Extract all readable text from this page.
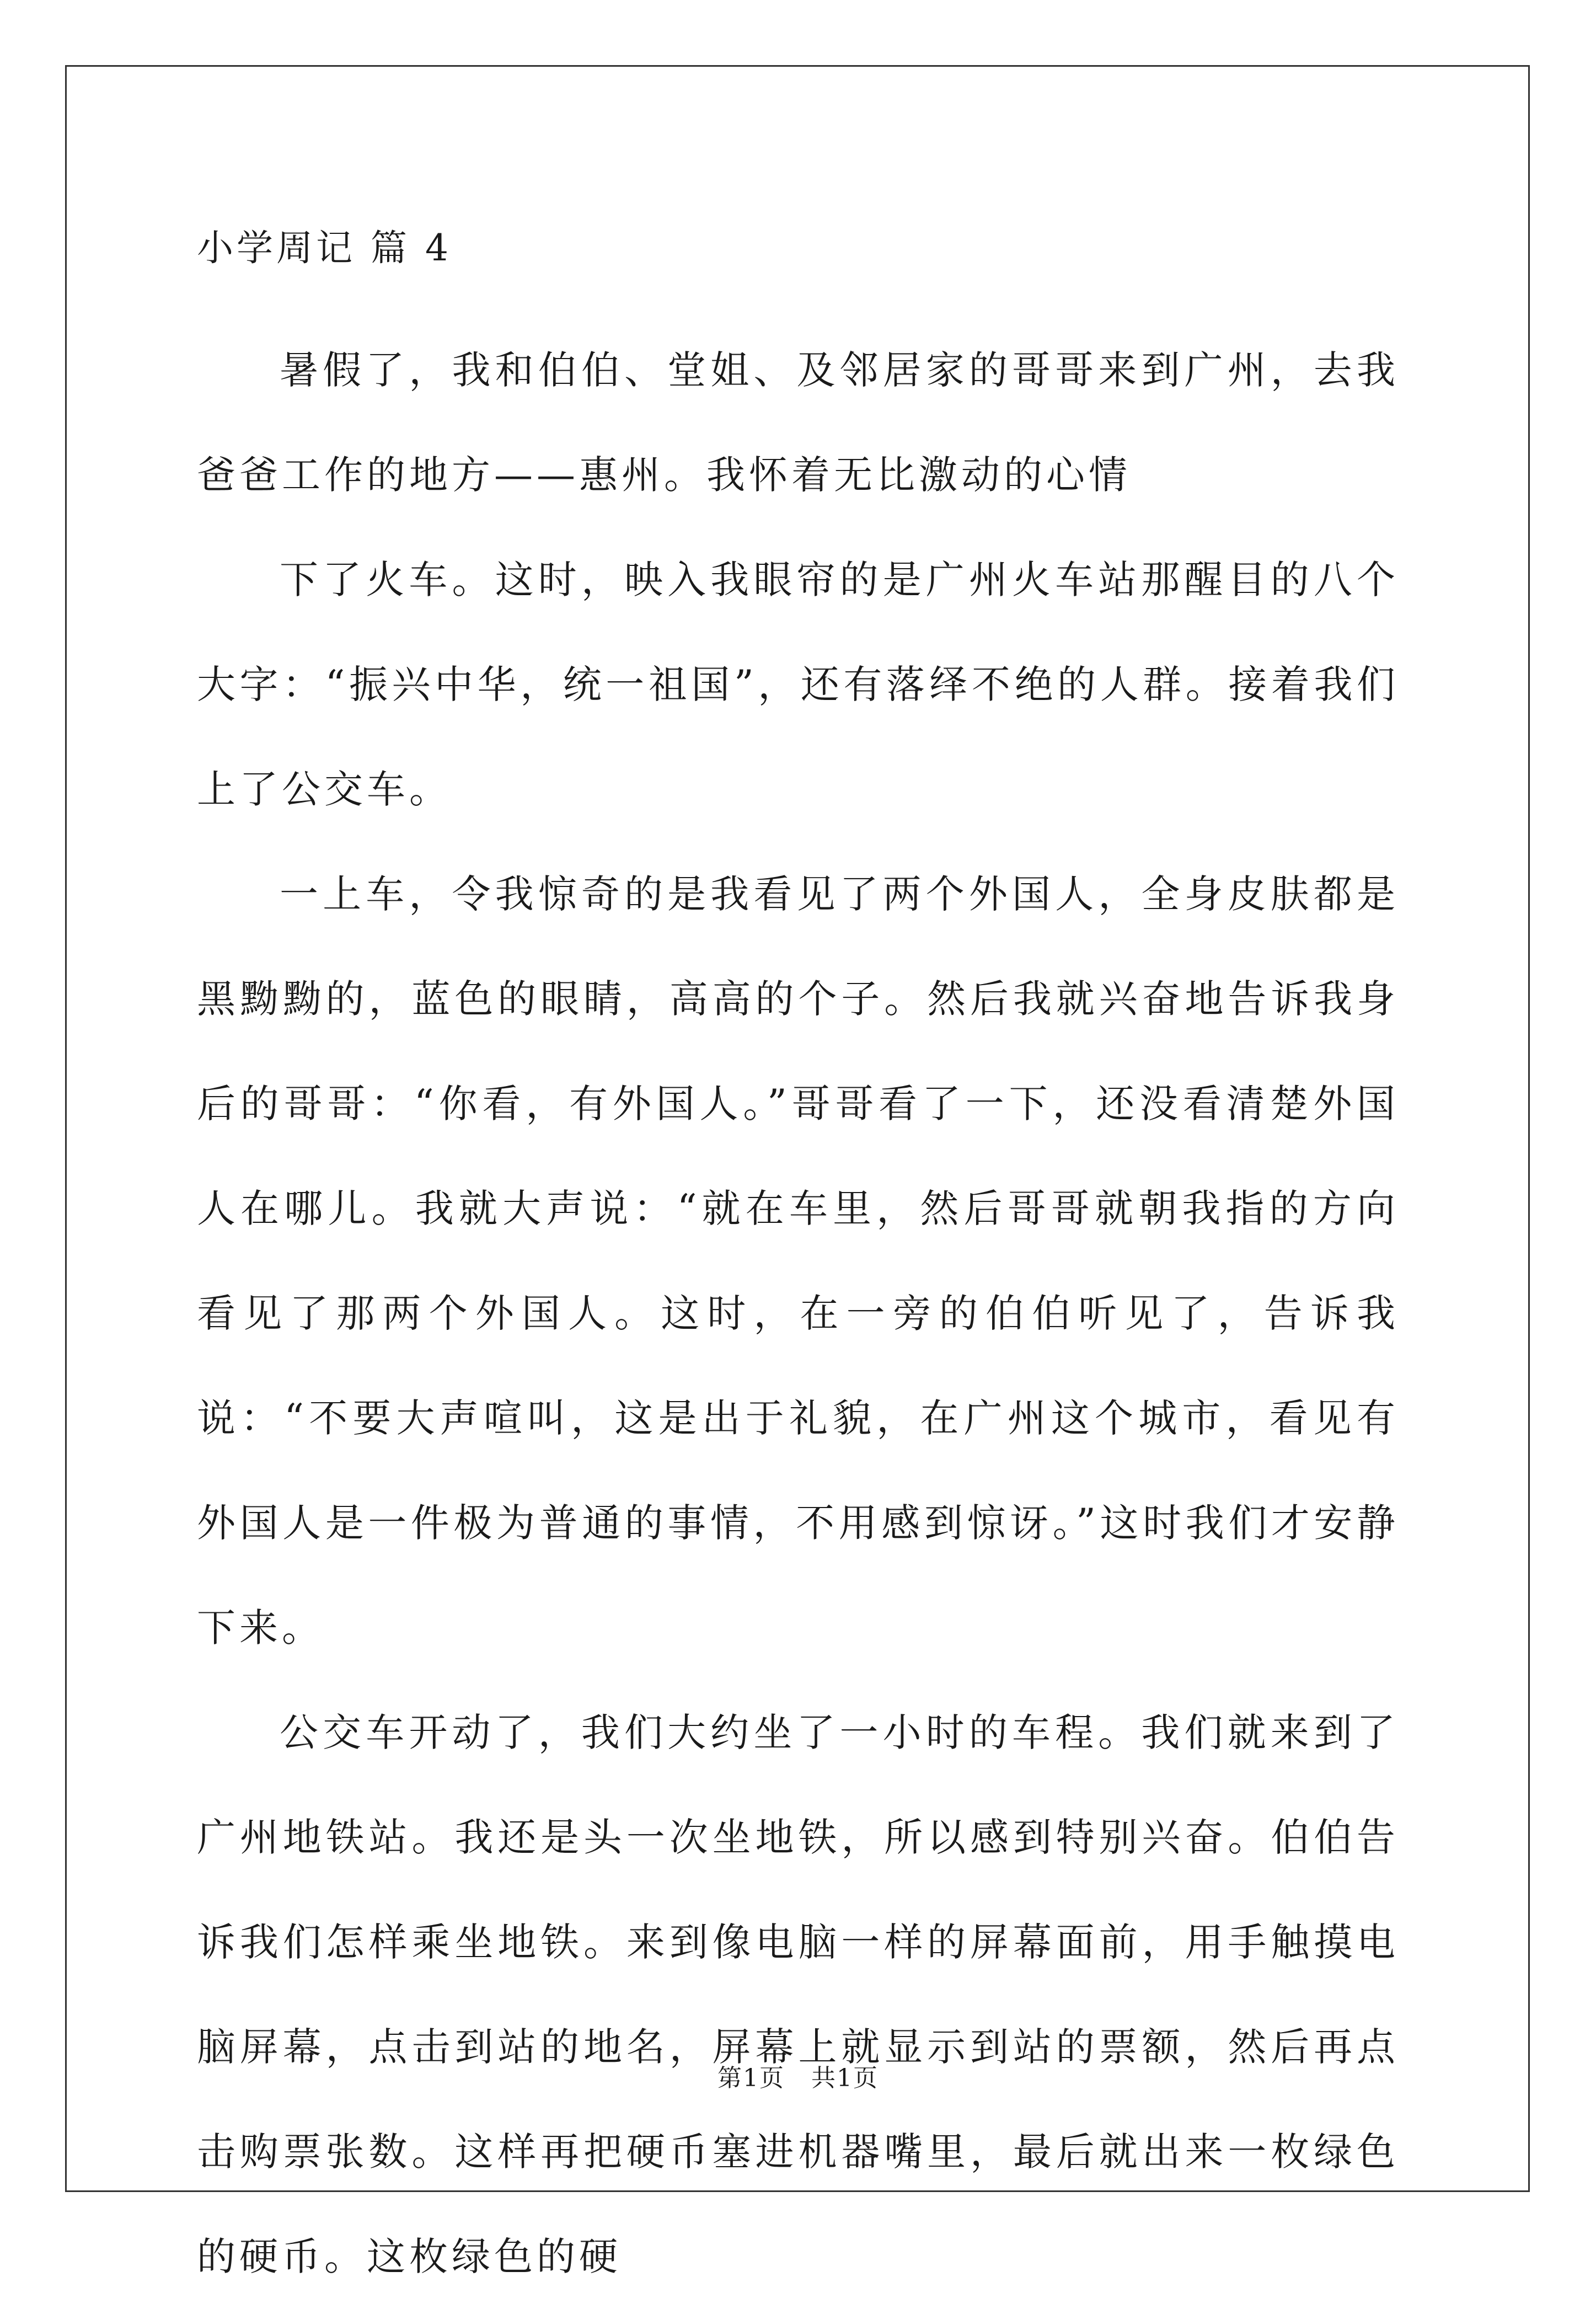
小学周记 篇 4

暑假了，我和伯伯、堂姐、及邻居家的哥哥来到广州，去我爸爸工作的地方——惠州。我怀着无比激动的心情

下了火车。这时，映入我眼帘的是广州火车站那醒目的八个大字：“振兴中华，统一祖国”，还有落绎不绝的人群。接着我们上了公交车。

一上车，令我惊奇的是我看见了两个外国人，全身皮肤都是黑黝黝的，蓝色的眼睛，高高的个子。然后我就兴奋地告诉我身后的哥哥：“你看，有外国人。”哥哥看了一下，还没看清楚外国人在哪儿。我就大声说：“就在车里，然后哥哥就朝我指的方向看见了那两个外国人。这时，在一旁的伯伯听见了，告诉我说：“不要大声喧叫，这是出于礼貌，在广州这个城市，看见有外国人是一件极为普通的事情，不用感到惊讶。”这时我们才安静下来。

公交车开动了，我们大约坐了一小时的车程。我们就来到了广州地铁站。我还是头一次坐地铁，所以感到特别兴奋。伯伯告诉我们怎样乘坐地铁。来到像电脑一样的屏幕面前，用手触摸电脑屏幕，点击到站的地名，屏幕上就显示到站的票额，然后再点击购票张数。这样再把硬币塞进机器嘴里，最后就出来一枚绿色的硬币。这枚绿色的硬

第1页   共1页
